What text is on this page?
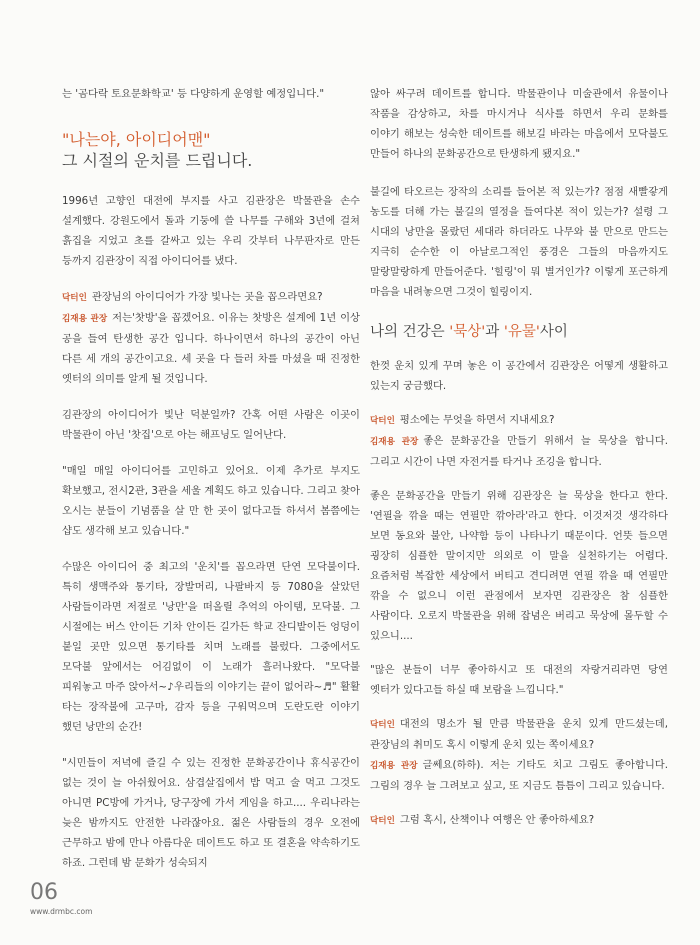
는 '곰다락 토요문화학교' 등 다양하게 운영할 예정입니다."

"나는야, 아이디어맨"
그 시절의 운치를 드립니다.

1996년 고향인 대전에 부지를 사고 김관장은 박물관을 손수 설계했다. 강원도에서 돌과 기둥에 쓸 나무를 구해와 3년에 걸쳐 흙집을 지었고 초를 갈싸고 있는 우리 갓부터 나무판자로 만든 등까지 김관장이 직접 아이디어를 냈다.

닥터인 관장님의 아이디어가 가장 빛나는 곳을 꼽으라면요?

김재용 관장 저는'찻방'을 꼽겠어요. 이유는 찻방은 설계에 1년 이상 공을 들여 탄생한 공간 입니다. 하나이면서 하나의 공간이 아닌 다른 세 개의 공간이고요. 세 곳을 다 들러 차를 마셨을 때 진정한 옛터의 의미를 알게 될 것입니다.

김관장의 아이디어가 빛난 덕분일까? 간혹 어떤 사람은 이곳이 박물관이 아닌 '찻집'으로 아는 해프닝도 일어난다.

"매일 매일 아이디어를 고민하고 있어요. 이제 추가로 부지도 확보했고, 전시2관, 3관을 세울 계획도 하고 있습니다. 그리고 찾아 오시는 분들이 기념품을 살 만 한 곳이 없다고들 하셔서 봄쯤에는 샵도 생각해 보고 있습니다."

수많은 아이디어 중 최고의 '운치'를 꼽으라면 단연 모닥불이다. 특히 생맥주와 통기타, 장발머리, 나팔바지 등 7080을 살았던 사람들이라면 저절로 '낭만'을 떠올릴 추억의 아이템, 모닥불. 그 시절에는 버스 안이든 기차 안이든 길가든 학교 잔디밭이든 엉덩이 붙일 곳만 있으면 통기타를 치며 노래를 불렀다. 그중에서도 모닥불 앞에서는 어김없이 이 노래가 흘러나왔다. "모닥불 피워놓고 마주 앉아서~♪우리들의 이야기는 끝이 없어라~♬" 활활 타는 장작불에 고구마, 감자 등을 구워먹으며 도란도란 이야기 했던 낭만의 순간!

"시민들이 저녁에 즐길 수 있는 진정한 문화공간이나 휴식공간이 없는 것이 늘 아쉬웠어요. 삼겹살집에서 밥 먹고 술 먹고 그것도 아니면 PC방에 가거나, 당구장에 가서 게임을 하고.... 우리나라는 늦은 밤까지도 안전한 나라잖아요. 젊은 사람들의 경우 오전에 근무하고 밤에 만나 아름다운 데이트도 하고 또 결혼을 약속하기도 하죠. 그런데 밤 문화가 성숙되지

않아 싸구려 데이트를 합니다. 박물관이나 미술관에서 유물이나 작품을 감상하고, 차를 마시거나 식사를 하면서 우리 문화를 이야기 해보는 성숙한 데이트를 해보길 바라는 마음에서 모닥불도 만들어 하나의 문화공간으로 탄생하게 됐지요."

불길에 타오르는 장작의 소리를 들어본 적 있는가? 점점 새빨갛게 농도를 더해 가는 불길의 열정을 들여다본 적이 있는가? 설령 그 시대의 낭만을 몰랐던 세대라 하더라도 나무와 불 만으로 만드는 지극히 순수한 이 아날로그적인 풍경은 그들의 마음까지도 말랑말랑하게 만들어준다. '힐링'이 뭐 별거인가? 이렇게 포근하게 마음을 내려놓으면 그것이 힐링이지.

나의 건강은 '묵상'과 '유물'사이

한껏 운치 있게 꾸며 놓은 이 공간에서 김관장은 어떻게 생활하고 있는지 궁금했다.

닥터인 평소에는 무엇을 하면서 지내세요?

김재용 관장 좋은 문화공간을 만들기 위해서 늘 묵상을 합니다. 그리고 시간이 나면 자전거를 타거나 조깅을 합니다.

좋은 문화공간을 만들기 위해 김관장은 늘 묵상을 한다고 한다. '연필을 깎을 때는 연필만 깎아라'라고 한다. 이것저것 생각하다 보면 동요와 불안, 나약함 등이 나타나기 때문이다. 언뜻 들으면 굉장히 심플한 말이지만 의외로 이 말을 실천하기는 어렵다. 요즘처럼 복잡한 세상에서 버티고 견디려면 연필 깎을 때 연필만 깎을 수 없으니 이런 관점에서 보자면 김관장은 참 심플한 사람이다. 오로지 박물관을 위해 잡념은 버리고 묵상에 몰두할 수 있으니....

"많은 분들이 너무 좋아하시고 또 대전의 자랑거리라면 당연 옛터가 있다고들 하실 때 보람을 느낍니다."

닥터인 대전의 명소가 될 만큼 박물관을 운치 있게 만드셨는데, 관장님의 취미도 혹시 이렇게 운치 있는 쪽이세요?

김재용 관장 글쎄요(하하). 저는 기타도 치고 그림도 좋아합니다. 그림의 경우 늘 그려보고 싶고, 또 지금도 틈틈이 그리고 있습니다.

닥터인 그럼 혹시, 산책이나 여행은 안 좋아하세요?

06
www.drmbc.com
